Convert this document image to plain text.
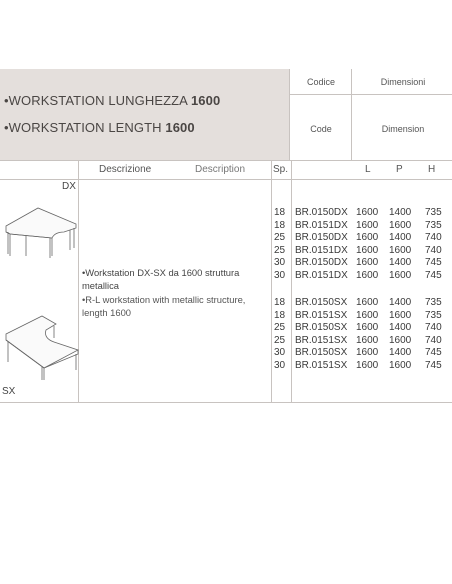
•WORKSTATION LUNGHEZZA 1600
•WORKSTATION LENGTH 1600
Codice	Dimensioni
Code	Dimension
Descrizione	Description	Sp.	L	P	H
DX
SX
•Workstation DX-SX da 1600 struttura metallica
•R-L workstation with metallic structure, length 1600
18 BR.0150DX 1600 1400 735
18 BR.0151DX 1600 1600 735
25 BR.0150DX 1600 1400 740
25 BR.0151DX 1600 1600 740
30 BR.0150DX 1600 1400 745
30 BR.0151DX 1600 1600 745
18 BR.0150SX 1600 1400 735
18 BR.0151SX 1600 1600 735
25 BR.0150SX 1600 1400 740
25 BR.0151SX 1600 1600 740
30 BR.0150SX 1600 1400 745
30 BR.0151SX 1600 1600 745
